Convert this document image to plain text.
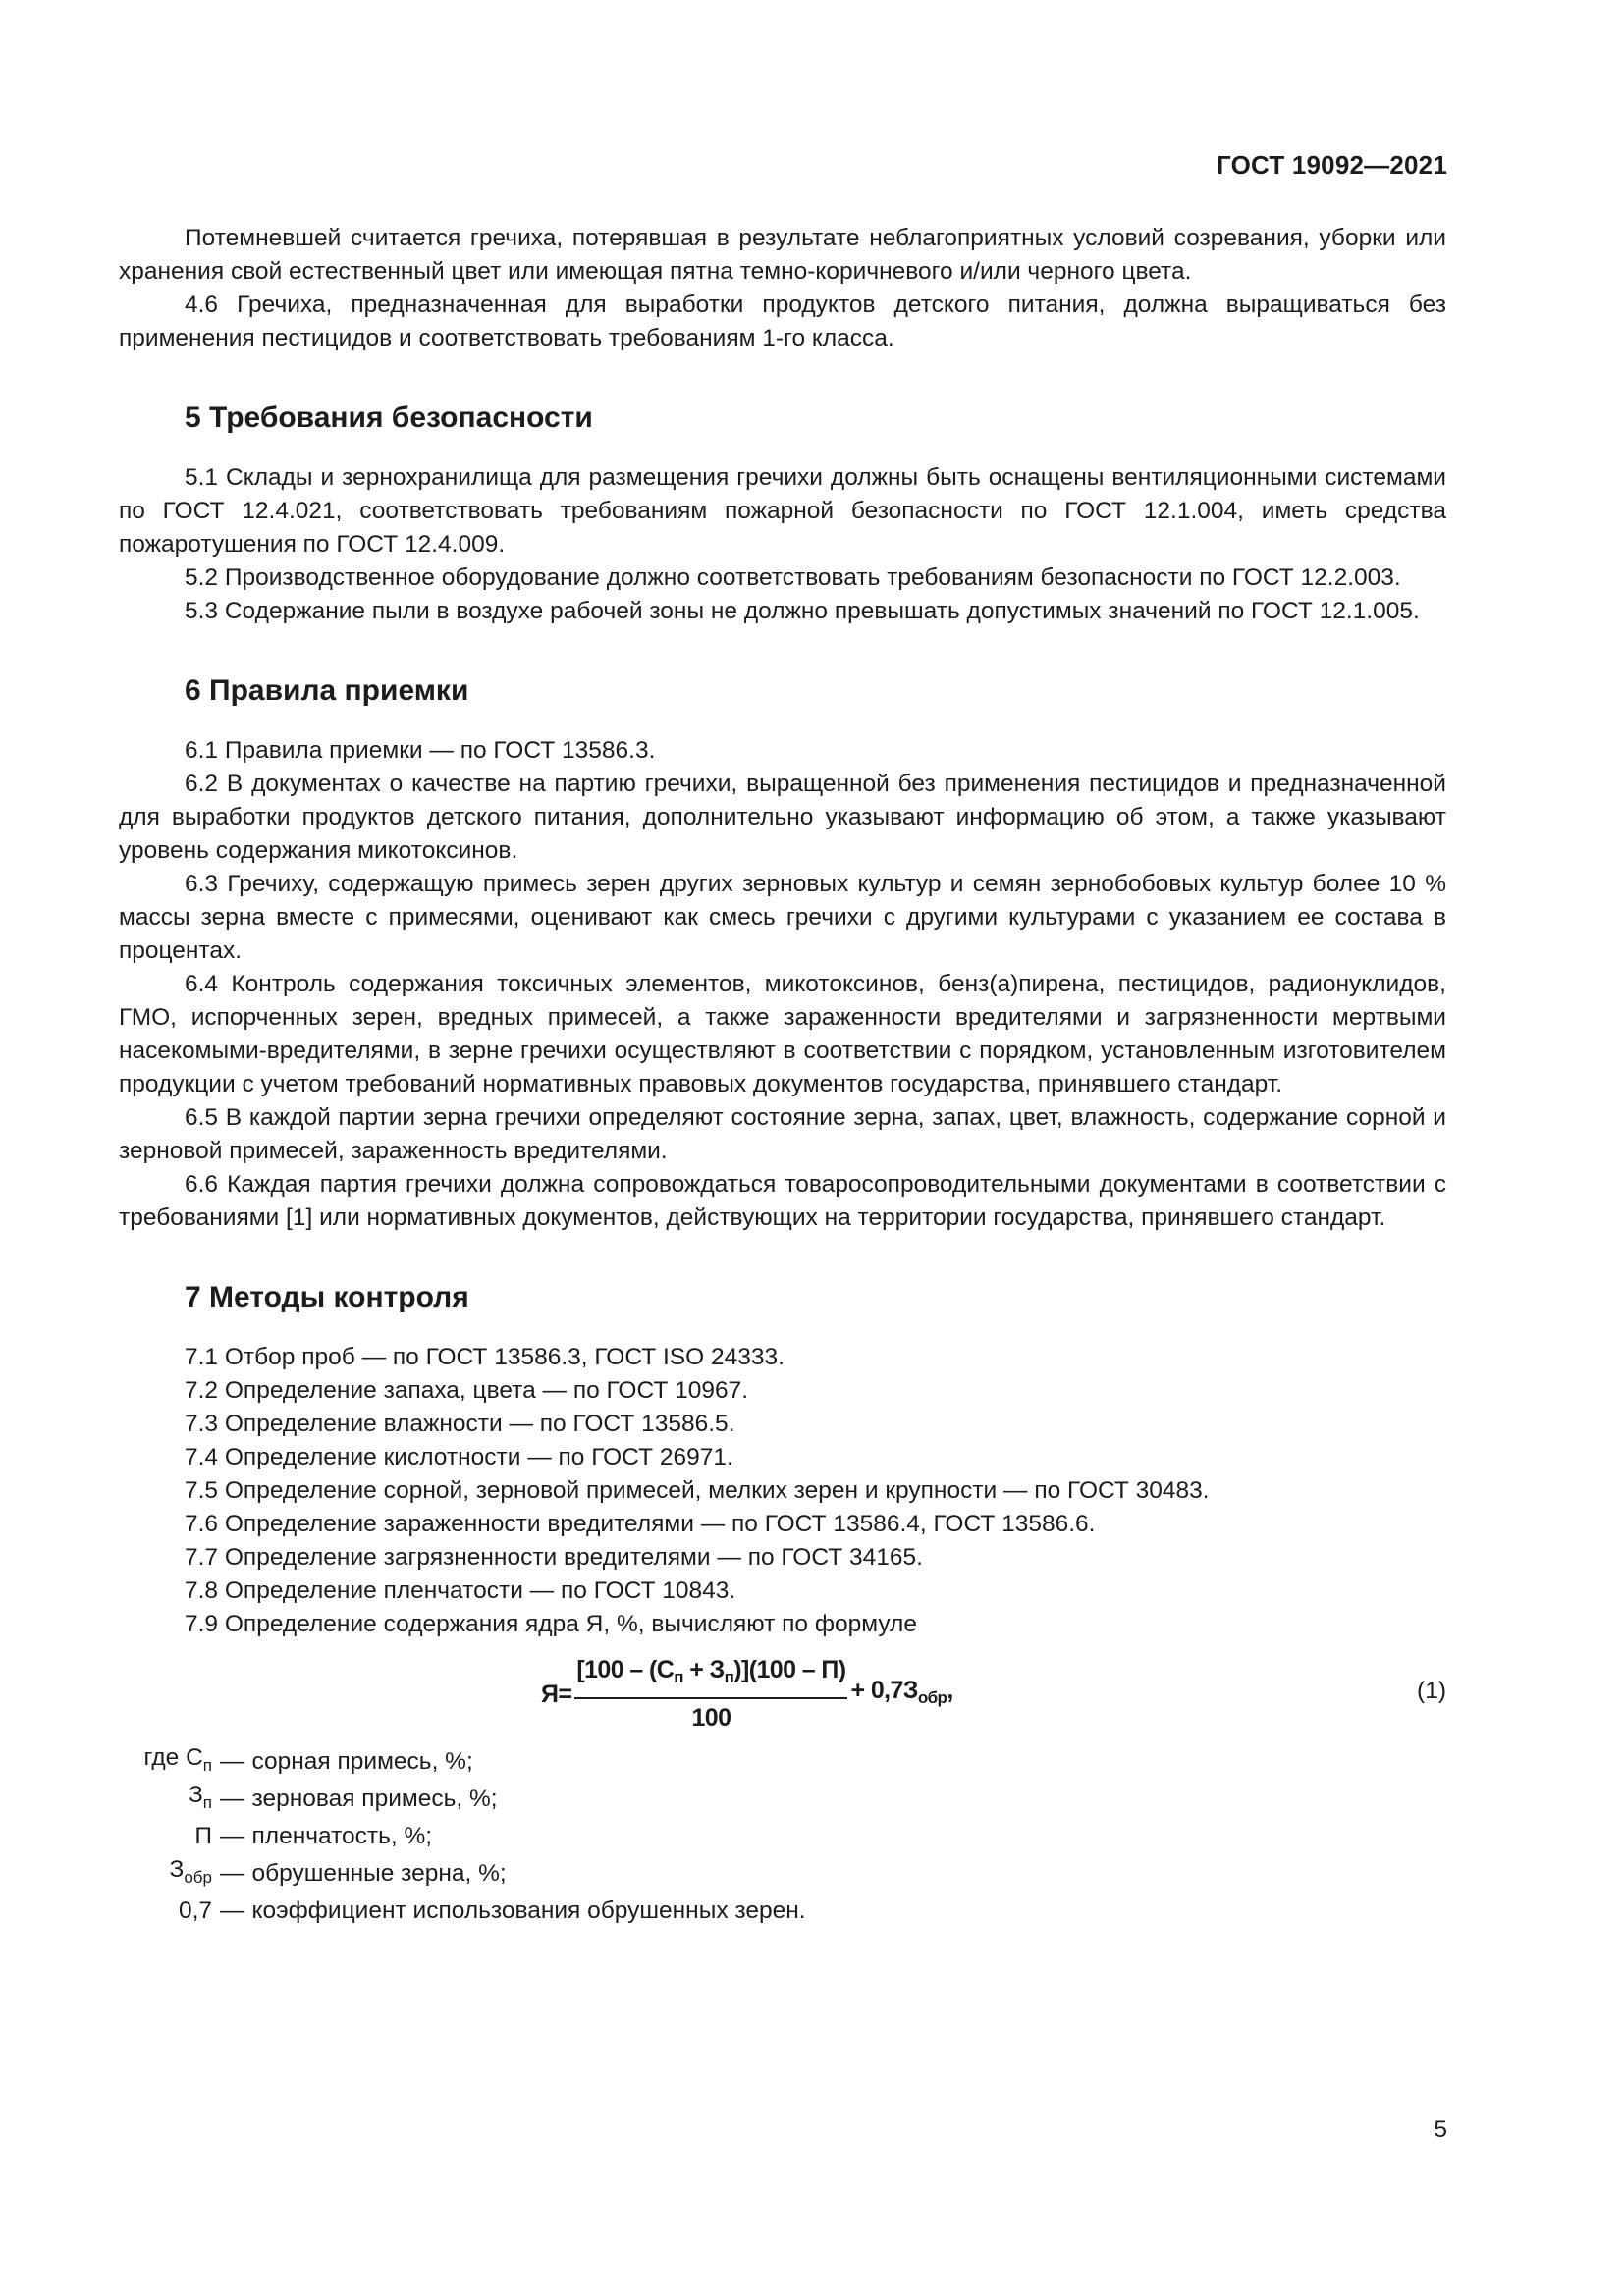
ГОСТ 19092—2021

Потемневшей считается гречиха, потерявшая в результате неблагоприятных условий созревания, уборки или хранения свой естественный цвет или имеющая пятна темно-коричневого и/или черного цвета.

4.6 Гречиха, предназначенная для выработки продуктов детского питания, должна выращиваться без применения пестицидов и соответствовать требованиям 1-го класса.

5 Требования безопасности

5.1 Склады и зернохранилища для размещения гречихи должны быть оснащены вентиляционными системами по ГОСТ 12.4.021, соответствовать требованиям пожарной безопасности по ГОСТ 12.1.004, иметь средства пожаротушения по ГОСТ 12.4.009.

5.2 Производственное оборудование должно соответствовать требованиям безопасности по ГОСТ 12.2.003.

5.3 Содержание пыли в воздухе рабочей зоны не должно превышать допустимых значений по ГОСТ 12.1.005.

6 Правила приемки

6.1 Правила приемки — по ГОСТ 13586.3.

6.2 В документах о качестве на партию гречихи, выращенной без применения пестицидов и предназначенной для выработки продуктов детского питания, дополнительно указывают информацию об этом, а также указывают уровень содержания микотоксинов.

6.3 Гречиху, содержащую примесь зерен других зерновых культур и семян зернобобовых культур более 10 % массы зерна вместе с примесями, оценивают как смесь гречихи с другими культурами с указанием ее состава в процентах.

6.4 Контроль содержания токсичных элементов, микотоксинов, бенз(а)пирена, пестицидов, радионуклидов, ГМО, испорченных зерен, вредных примесей, а также зараженности вредителями и загрязненности мертвыми насекомыми-вредителями, в зерне гречихи осуществляют в соответствии с порядком, установленным изготовителем продукции с учетом требований нормативных правовых документов государства, принявшего стандарт.

6.5 В каждой партии зерна гречихи определяют состояние зерна, запах, цвет, влажность, содержание сорной и зерновой примесей, зараженность вредителями.

6.6 Каждая партия гречихи должна сопровождаться товаросопроводительными документами в соответствии с требованиями [1] или нормативных документов, действующих на территории государства, принявшего стандарт.

7 Методы контроля

7.1 Отбор проб — по ГОСТ 13586.3, ГОСТ ISO 24333.

7.2 Определение запаха, цвета — по ГОСТ 10967.

7.3 Определение влажности — по ГОСТ 13586.5.

7.4 Определение кислотности — по ГОСТ 26971.

7.5 Определение сорной, зерновой примесей, мелких зерен и крупности — по ГОСТ 30483.

7.6 Определение зараженности вредителями — по ГОСТ 13586.4, ГОСТ 13586.6.

7.7 Определение загрязненности вредителями — по ГОСТ 34165.

7.8 Определение пленчатости — по ГОСТ 10843.

7.9 Определение содержания ядра Я, %, вычисляют по формуле

$Я = \frac{[100 - (С_п + З_п)](100 - П)}{100} + 0,7З_{обр}$,	(1)
где $С_п$ — сорная примесь, %;
$З_п$ — зерновая примесь, %;
П — пленчатость, %;
$З_{обр}$ — обрушенные зерна, %;
0,7 — коэффициент использования обрушенных зерен.
5
